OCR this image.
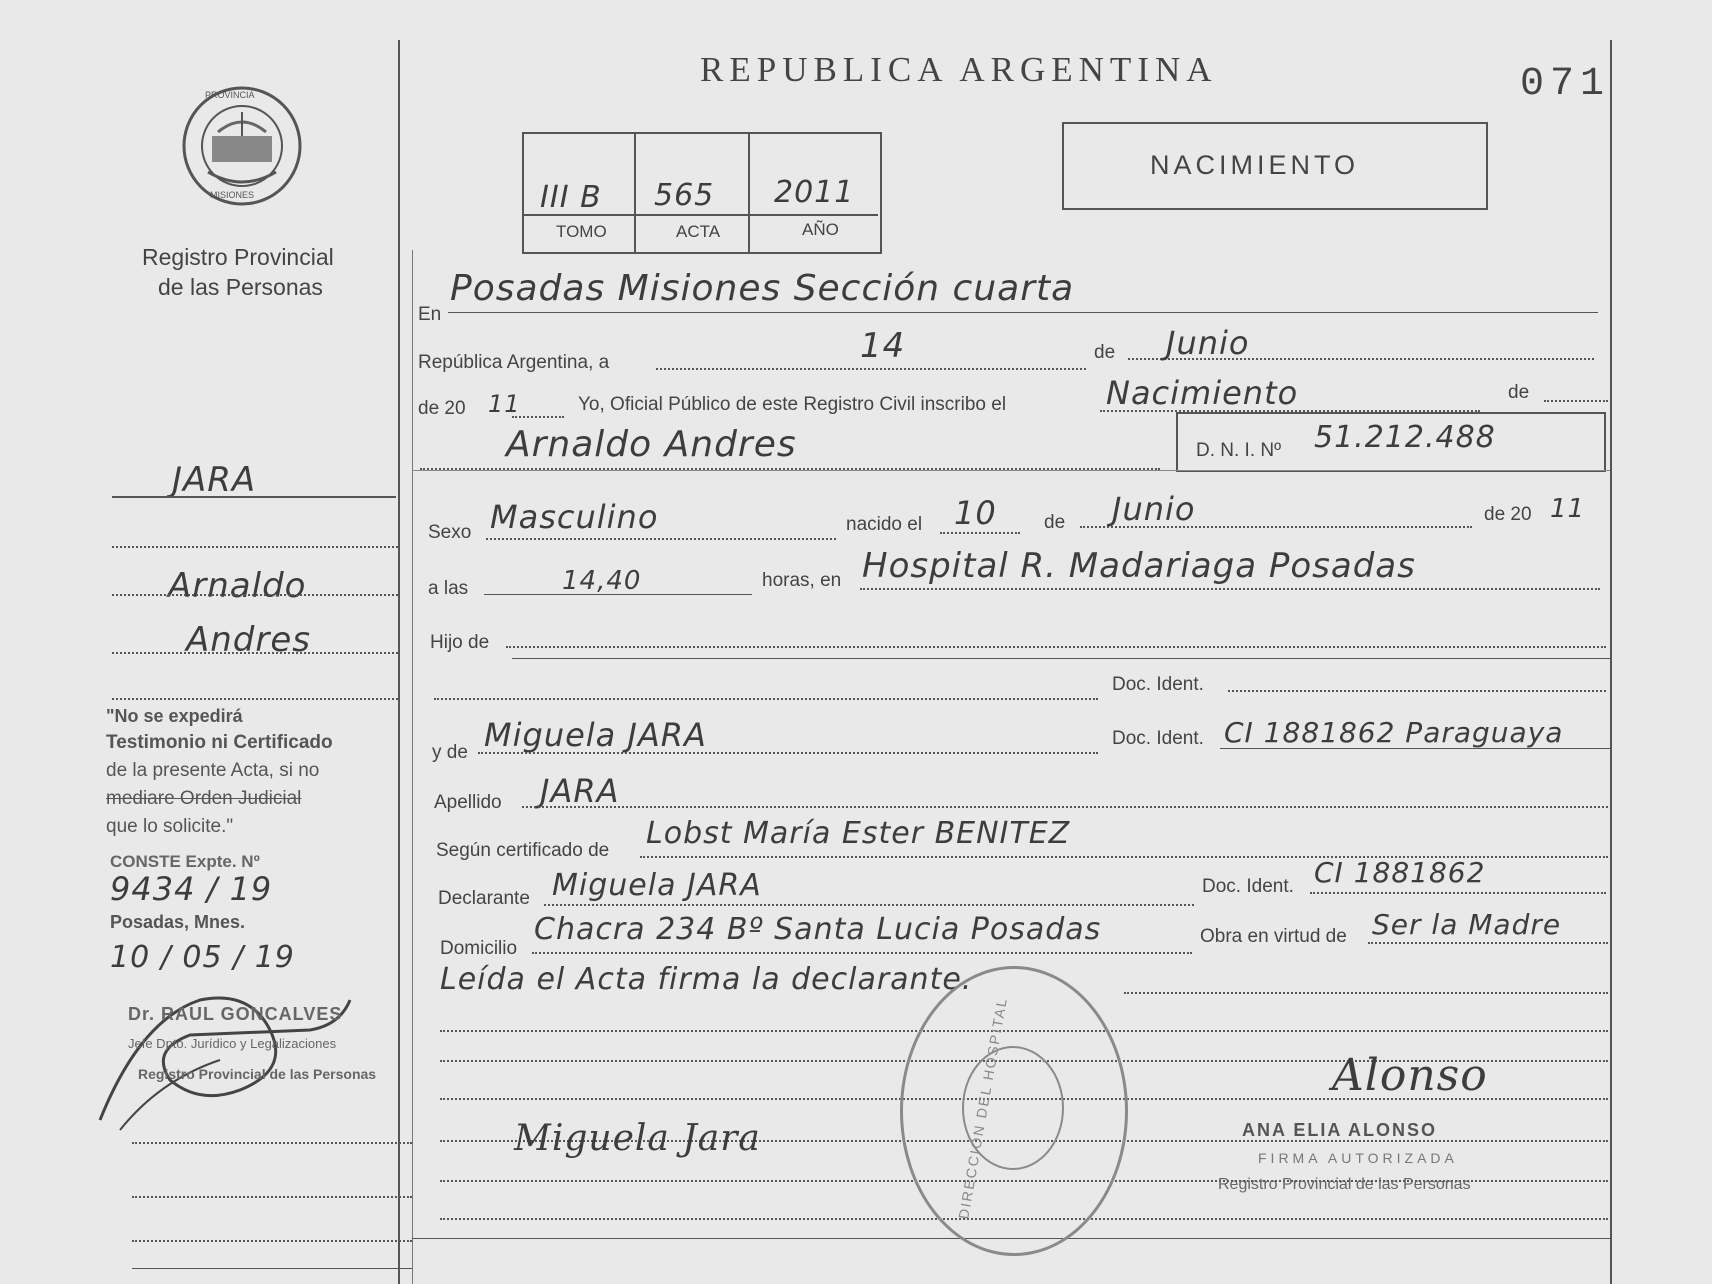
PROVINCIA
MISIONES
Registro Provincial
de las Personas
REPUBLICA ARGENTINA	071
III B 565 2011
TOMO	ACTA	AÑO
NACIMIENTO
En
Posadas Misiones Sección cuarta
República Argentina, a	14	de Junio
de 20 11	Yo, Oficial Público de este Registro Civil inscribo el	Nacimiento	de
Arnaldo Andres	D. N. I. Nº 51.212.488
Sexo Masculino	nacido el 10 de Junio	de 20 11
a las	14,40	horas, en Hospital R. Madariaga Posadas
Hijo de
Doc. Ident.
y de Miguela JARA	Doc. Ident. CI 1881862 Paraguaya
Apellido JARA
Según certificado de Lobst María Ester BENITEZ
Declarante Miguela JARA	Doc. Ident. CI 1881862
Domicilio
Chacra 234 Bº Santa Lucia Posadas	Obra en virtud de Ser la Madre
Leída el Acta firma la declarante.
Miguela Jara	DIRECCION DEL HOSPITAL	Alonso
ANA ELIA ALONSO
FIRMA AUTORIZADA
Registro Provincial de las Personas
JARA
Arnaldo
Andres
"No se expedirá
Testimonio ni Certificado
de la presente Acta, si no
mediare Orden Judicial
que lo solicite."
CONSTE Expte. Nº
9434 / 19
Posadas, Mnes.
10 / 05 / 19
Dr. RAUL GONCALVES
Jefe Dpto. Jurídico y Legalizaciones
Registro Provincial de las Personas
